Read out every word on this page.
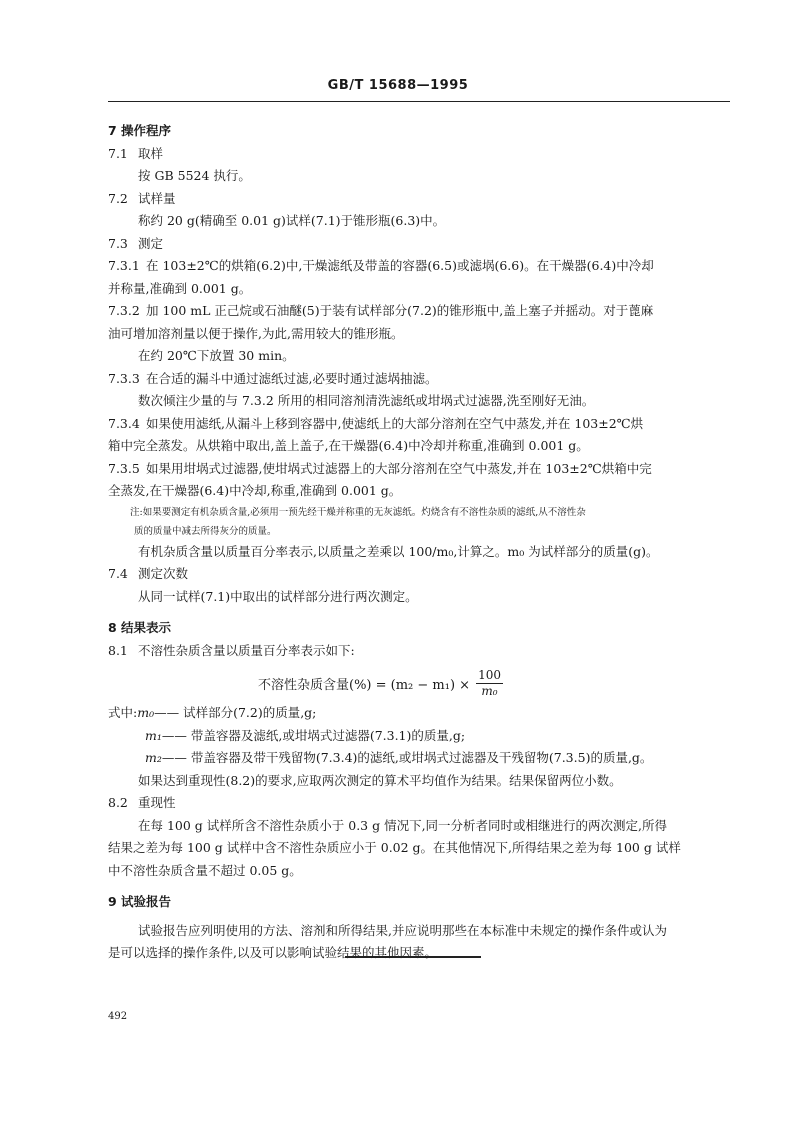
GB/T 15688—1995
7 操作程序
7.1 取样
按 GB 5524 执行。
7.2 试样量
称约 20 g(精确至 0.01 g)试样(7.1)于锥形瓶(6.3)中。
7.3 测定
7.3.1 在 103±2℃的烘箱(6.2)中,干燥滤纸及带盖的容器(6.5)或滤埚(6.6)。在干燥器(6.4)中冷却
并称量,准确到 0.001 g。
7.3.2 加 100 mL 正己烷或石油醚(5)于装有试样部分(7.2)的锥形瓶中,盖上塞子并摇动。对于蓖麻
油可增加溶剂量以便于操作,为此,需用较大的锥形瓶。
在约 20℃下放置 30 min。
7.3.3 在合适的漏斗中通过滤纸过滤,必要时通过滤埚抽滤。
数次倾注少量的与 7.3.2 所用的相同溶剂清洗滤纸或坩埚式过滤器,洗至刚好无油。
7.3.4 如果使用滤纸,从漏斗上移到容器中,使滤纸上的大部分溶剂在空气中蒸发,并在 103±2℃烘
箱中完全蒸发。从烘箱中取出,盖上盖子,在干燥器(6.4)中冷却并称重,准确到 0.001 g。
7.3.5 如果用坩埚式过滤器,使坩埚式过滤器上的大部分溶剂在空气中蒸发,并在 103±2℃烘箱中完
全蒸发,在干燥器(6.4)中冷却,称重,准确到 0.001 g。
注:如果要测定有机杂质含量,必须用一预先经干燥并称重的无灰滤纸。灼烧含有不溶性杂质的滤纸,从不溶性杂
质的质量中减去所得灰分的质量。
有机杂质含量以质量百分率表示,以质量之差乘以 100/m₀,计算之。m₀ 为试样部分的质量(g)。
7.4 测定次数
从同一试样(7.1)中取出的试样部分进行两次测定。
8 结果表示
8.1 不溶性杂质含量以质量百分率表示如下:
不溶性杂质含量(%) = $(m_2 - m_1) \times \frac{100}{\text{m₀}}$
式中:m₀—— 试样部分(7.2)的质量,g;
m₁—— 带盖容器及滤纸,或坩埚式过滤器(7.3.1)的质量,g;
m₂—— 带盖容器及带干残留物(7.3.4)的滤纸,或坩埚式过滤器及干残留物(7.3.5)的质量,g。
如果达到重现性(8.2)的要求,应取两次测定的算术平均值作为结果。结果保留两位小数。
8.2 重现性
在每 100 g 试样所含不溶性杂质小于 0.3 g 情况下,同一分析者同时或相继进行的两次测定,所得
结果之差为每 100 g 试样中含不溶性杂质应小于 0.02 g。在其他情况下,所得结果之差为每 100 g 试样
中不溶性杂质含量不超过 0.05 g。
9 试验报告
试验报告应列明使用的方法、溶剂和所得结果,并应说明那些在本标准中未规定的操作条件或认为
是可以选择的操作条件,以及可以影响试验结果的其他因素。
492
